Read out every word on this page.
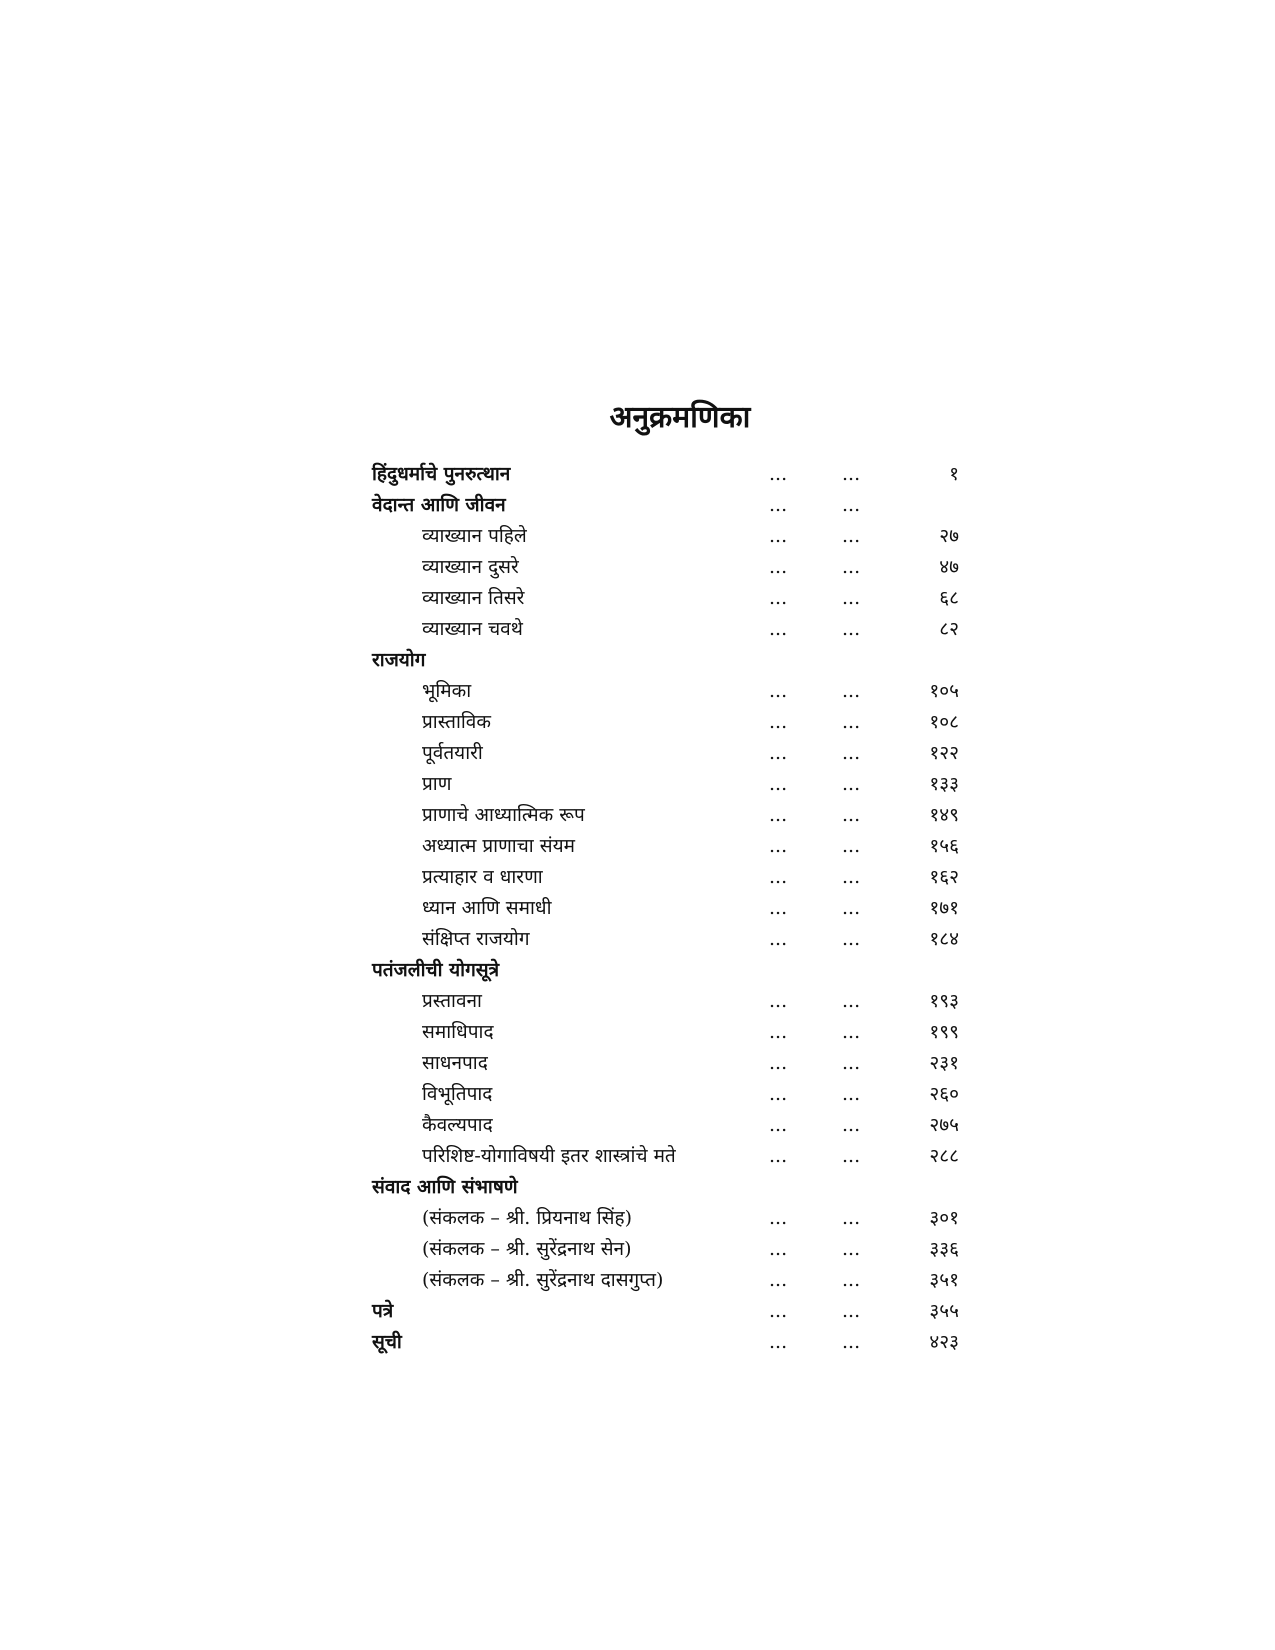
अनुक्रमणिका
हिंदुधर्माचे पुनरुत्थान	...	...	१
वेदान्त आणि जीवन	...	...
व्याख्यान पहिले	...	...	२७
व्याख्यान दुसरे	...	...	४७
व्याख्यान तिसरे	...	...	६८
व्याख्यान चवथे	...	...	८२
राजयोग
भूमिका	...	...	१०५
प्रास्ताविक	...	...	१०८
पूर्वतयारी	...	...	१२२
प्राण	...	...	१३३
प्राणाचे आध्यात्मिक रूप	...	...	१४९
अध्यात्म प्राणाचा संयम	...	...	१५६
प्रत्याहार व धारणा	...	...	१६२
ध्यान आणि समाधी	...	...	१७१
संक्षिप्त राजयोग	...	...	१८४
पतंजलीची योगसूत्रे
प्रस्तावना	...	...	१९३
समाधिपाद	...	...	१९९
साधनपाद	...	...	२३१
विभूतिपाद	...	...	२६०
कैवल्यपाद	...	...	२७५
परिशिष्ट-योगाविषयी इतर शास्त्रांचे मते	...	...	२८८
संवाद आणि संभाषणे
(संकलक – श्री. प्रियनाथ सिंह)	...	...	३०१
(संकलक – श्री. सुरेंद्रनाथ सेन)	...	...	३३६
(संकलक – श्री. सुरेंद्रनाथ दासगुप्त)	...	...	३५१
पत्रे	...	...	३५५
सूची	...	...	४२३
